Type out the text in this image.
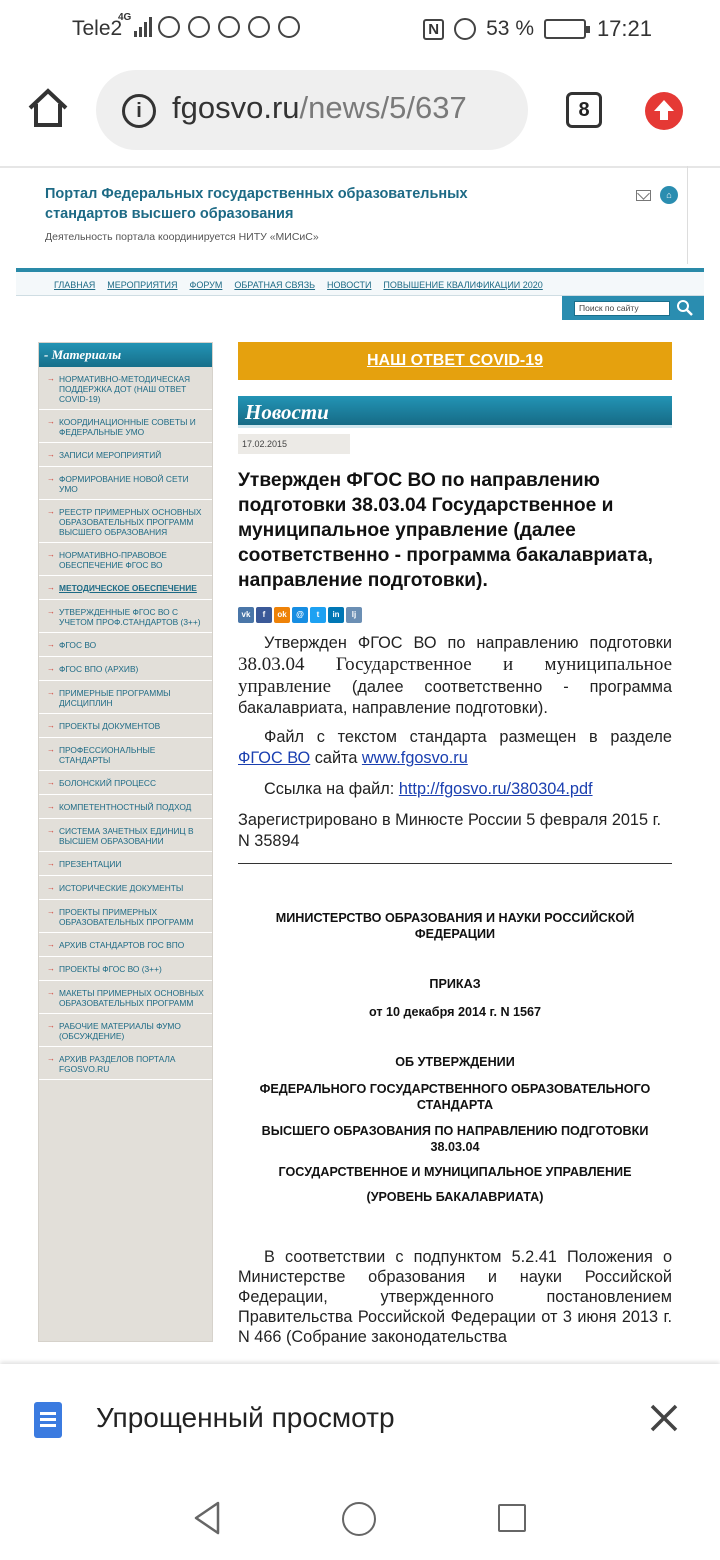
Tele2
4G
N 53 %	17:21
i fgosvo.ru/news/5/637	8
Портал Федеральных государственных образовательных стандартов высшего образования
Деятельность портала координируется НИТУ «МИСиС»
⌂
ГЛАВНАЯ МЕРОПРИЯТИЯ ФОРУМ ОБРАТНАЯ СВЯЗЬ НОВОСТИ ПОВЫШЕНИЕ КВАЛИФИКАЦИИ 2020
Поиск по сайту
- Материалы
→ НОРМАТИВНО-МЕТОДИЧЕСКАЯ ПОДДЕРЖКА ДОТ (НАШ ОТВЕТ COVID-19)
→ КООРДИНАЦИОННЫЕ СОВЕТЫ И ФЕДЕРАЛЬНЫЕ УМО
→ ЗАПИСИ МЕРОПРИЯТИЙ
→ ФОРМИРОВАНИЕ НОВОЙ СЕТИ УМО
→ РЕЕСТР ПРИМЕРНЫХ ОСНОВНЫХ ОБРАЗОВАТЕЛЬНЫХ ПРОГРАММ ВЫСШЕГО ОБРАЗОВАНИЯ
→ НОРМАТИВНО-ПРАВОВОЕ ОБЕСПЕЧЕНИЕ ФГОС ВО
→ МЕТОДИЧЕСКОЕ ОБЕСПЕЧЕНИЕ
→ УТВЕРЖДЕННЫЕ ФГОС ВО С УЧЕТОМ ПРОФ.СТАНДАРТОВ (3++)
→ ФГОС ВО
→ ФГОС ВПО (АРХИВ)
→ ПРИМЕРНЫЕ ПРОГРАММЫ ДИСЦИПЛИН
→ ПРОЕКТЫ ДОКУМЕНТОВ
→ ПРОФЕССИОНАЛЬНЫЕ СТАНДАРТЫ
→ БОЛОНСКИЙ ПРОЦЕСС
→ КОМПЕТЕНТНОСТНЫЙ ПОДХОД
→ СИСТЕМА ЗАЧЕТНЫХ ЕДИНИЦ В ВЫСШЕМ ОБРАЗОВАНИИ
→ ПРЕЗЕНТАЦИИ
→ ИСТОРИЧЕСКИЕ ДОКУМЕНТЫ
→ ПРОЕКТЫ ПРИМЕРНЫХ ОБРАЗОВАТЕЛЬНЫХ ПРОГРАММ
→ АРХИВ СТАНДАРТОВ ГОС ВПО
→ ПРОЕКТЫ ФГОС ВО (3++)
→ МАКЕТЫ ПРИМЕРНЫХ ОСНОВНЫХ ОБРАЗОВАТЕЛЬНЫХ ПРОГРАММ
→ РАБОЧИЕ МАТЕРИАЛЫ ФУМО (ОБСУЖДЕНИЕ)
→ АРХИВ РАЗДЕЛОВ ПОРТАЛА FGOSVO.RU
НАШ ОТВЕТ COVID-19
Новости
17.02.2015
Утвержден ФГОС ВО по направлению подготовки 38.03.04 Государственное и муниципальное управление (далее соответственно - программа бакалавриата, направление подготовки).
vk	f	ok	@	t	in	lj
Утвержден ФГОС ВО по направлению подготовки 38.03.04 Государственное и муниципальное управление (далее соответственно - программа бакалавриата, направление подготовки).
Файл с текстом стандарта размещен в разделе ФГОС ВО сайта www.fgosvo.ru
Ссылка на файл: http://fgosvo.ru/380304.pdf
Зарегистрировано в Минюсте России 5 февраля 2015 г. N 35894
МИНИСТЕРСТВО ОБРАЗОВАНИЯ И НАУКИ РОССИЙСКОЙ ФЕДЕРАЦИИ
ПРИКАЗ
от 10 декабря 2014 г. N 1567
ОБ УТВЕРЖДЕНИИ
ФЕДЕРАЛЬНОГО ГОСУДАРСТВЕННОГО ОБРАЗОВАТЕЛЬНОГО СТАНДАРТА
ВЫСШЕГО ОБРАЗОВАНИЯ ПО НАПРАВЛЕНИЮ ПОДГОТОВКИ 38.03.04
ГОСУДАРСТВЕННОЕ И МУНИЦИПАЛЬНОЕ УПРАВЛЕНИЕ
(УРОВЕНЬ БАКАЛАВРИАТА)
В соответствии с подпунктом 5.2.41 Положения о Министерстве образования и науки Российской Федерации, утвержденного постановлением Правительства Российской Федерации от 3 июня 2013 г. N 466 (Собрание законодательства
Упрощенный просмотр
